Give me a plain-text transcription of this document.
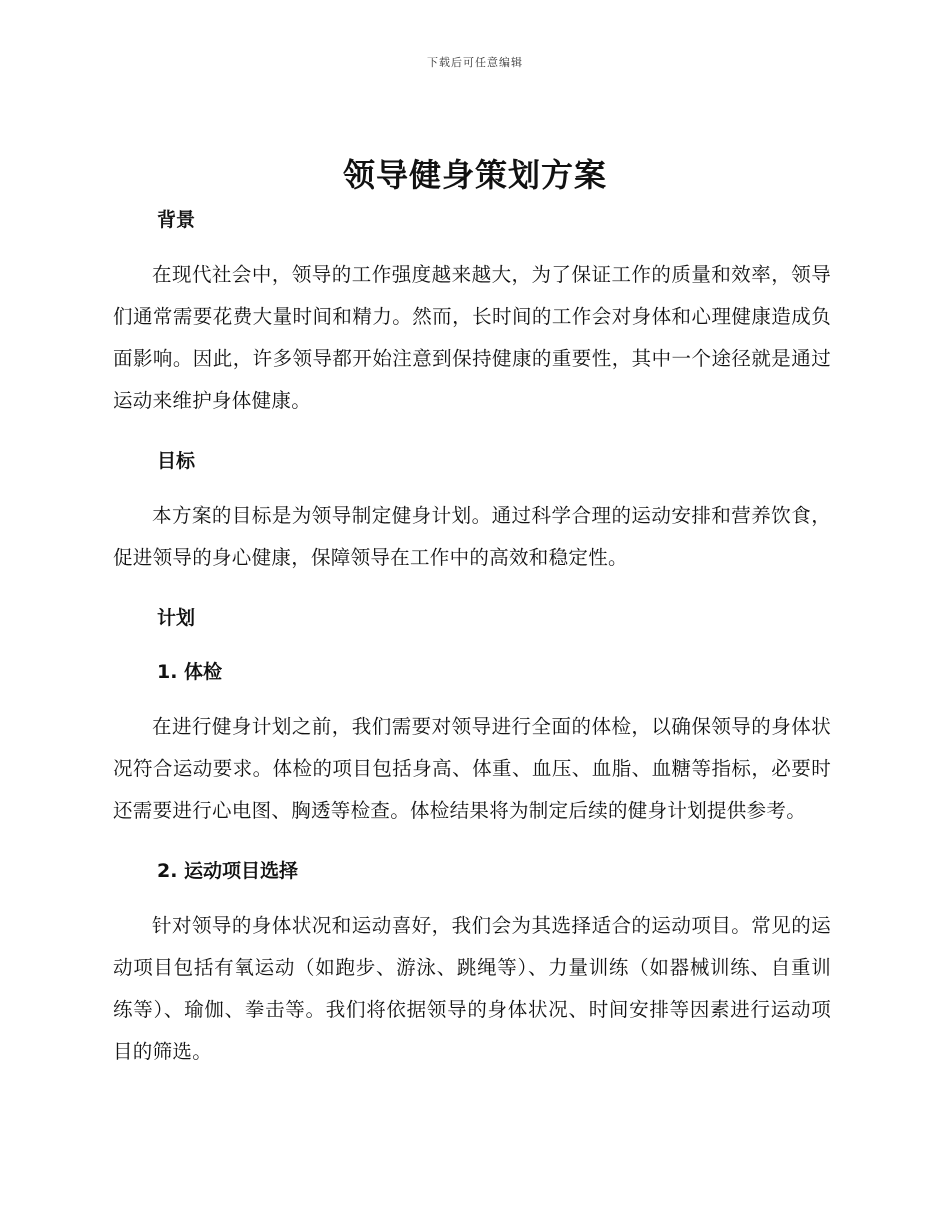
下载后可任意编辑
领导健身策划方案
背景

在现代社会中，领导的工作强度越来越大，为了保证工作的质量和效率，领导们通常需要花费大量时间和精力。然而，长时间的工作会对身体和心理健康造成负面影响。因此，许多领导都开始注意到保持健康的重要性，其中一个途径就是通过运动来维护身体健康。

目标

本方案的目标是为领导制定健身计划。通过科学合理的运动安排和营养饮食，促进领导的身心健康，保障领导在工作中的高效和稳定性。

计划
1. 体检

在进行健身计划之前，我们需要对领导进行全面的体检，以确保领导的身体状况符合运动要求。体检的项目包括身高、体重、血压、血脂、血糖等指标，必要时还需要进行心电图、胸透等检查。体检结果将为制定后续的健身计划提供参考。

2. 运动项目选择

针对领导的身体状况和运动喜好，我们会为其选择适合的运动项目。常见的运动项目包括有氧运动（如跑步、游泳、跳绳等）、力量训练（如器械训练、自重训练等）、瑜伽、拳击等。我们将依据领导的身体状况、时间安排等因素进行运动项目的筛选。
